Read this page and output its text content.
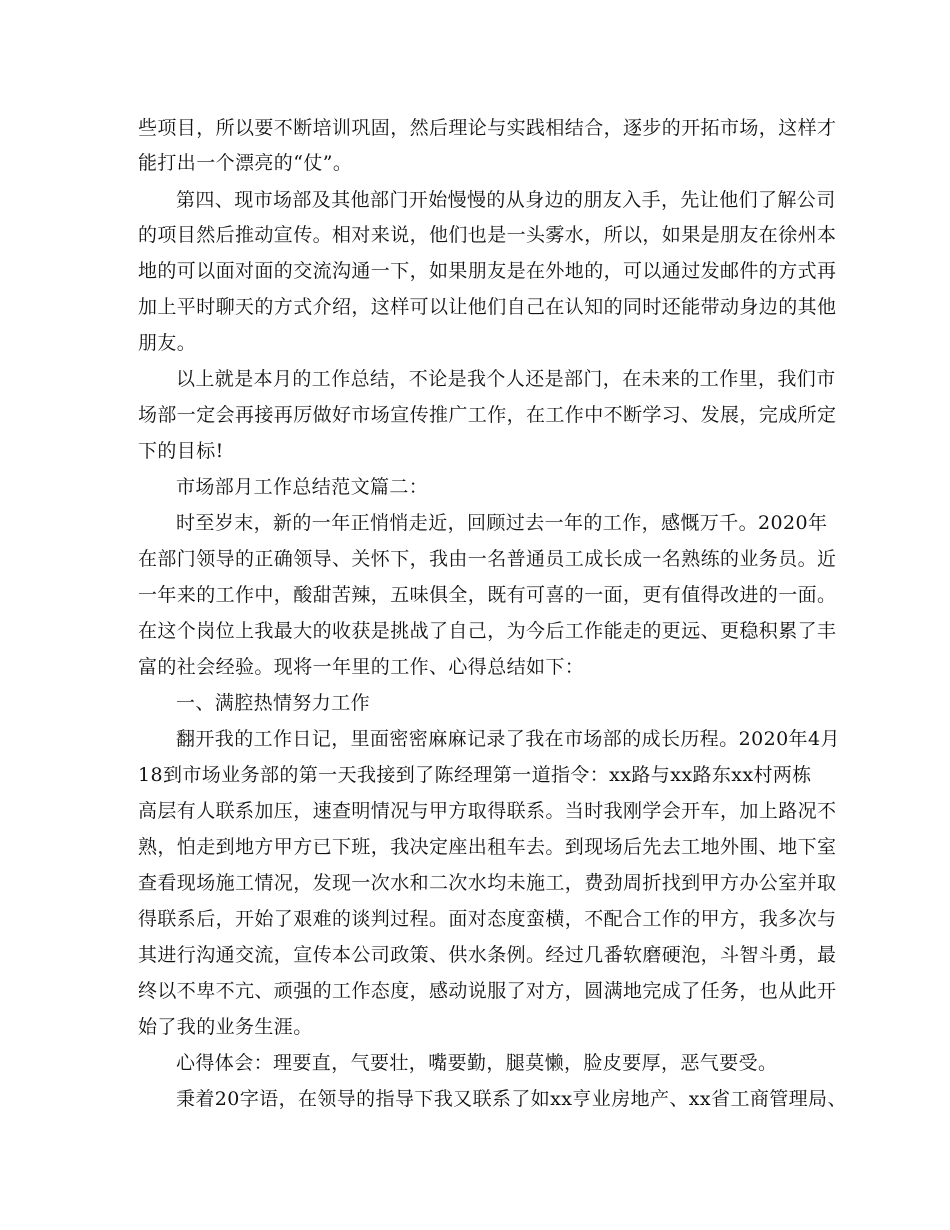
些项目，所以要不断培训巩固，然后理论与实践相结合，逐步的开拓市场，这样才
能打出一个漂亮的“仗”。
第四、现市场部及其他部门开始慢慢的从身边的朋友入手，先让他们了解公司
的项目然后推动宣传。相对来说，他们也是一头雾水，所以，如果是朋友在徐州本
地的可以面对面的交流沟通一下，如果朋友是在外地的，可以通过发邮件的方式再
加上平时聊天的方式介绍，这样可以让他们自己在认知的同时还能带动身边的其他
朋友。
以上就是本月的工作总结，不论是我个人还是部门，在未来的工作里，我们市
场部一定会再接再厉做好市场宣传推广工作，在工作中不断学习、发展，完成所定
下的目标!
市场部月工作总结范文篇二：
时至岁末，新的一年正悄悄走近，回顾过去一年的工作，感慨万千。2020年
在部门领导的正确领导、关怀下，我由一名普通员工成长成一名熟练的业务员。近
一年来的工作中，酸甜苦辣，五味俱全，既有可喜的一面，更有值得改进的一面。
在这个岗位上我最大的收获是挑战了自己，为今后工作能走的更远、更稳积累了丰
富的社会经验。现将一年里的工作、心得总结如下：
一、满腔热情努力工作
翻开我的工作日记，里面密密麻麻记录了我在市场部的成长历程。2020年4月
18到市场业务部的第一天我接到了陈经理第一道指令：xx路与xx路东xx村两栋
高层有人联系加压，速查明情况与甲方取得联系。当时我刚学会开车，加上路况不
熟，怕走到地方甲方已下班，我决定座出租车去。到现场后先去工地外围、地下室
查看现场施工情况，发现一次水和二次水均未施工，费劲周折找到甲方办公室并取
得联系后，开始了艰难的谈判过程。面对态度蛮横，不配合工作的甲方，我多次与
其进行沟通交流，宣传本公司政策、供水条例。经过几番软磨硬泡，斗智斗勇，最
终以不卑不亢、顽强的工作态度，感动说服了对方，圆满地完成了任务，也从此开
始了我的业务生涯。
心得体会：理要直，气要壮，嘴要勤，腿莫懒，脸皮要厚，恶气要受。
秉着20字语，在领导的指导下我又联系了如xx亨业房地产、xx省工商管理局、
